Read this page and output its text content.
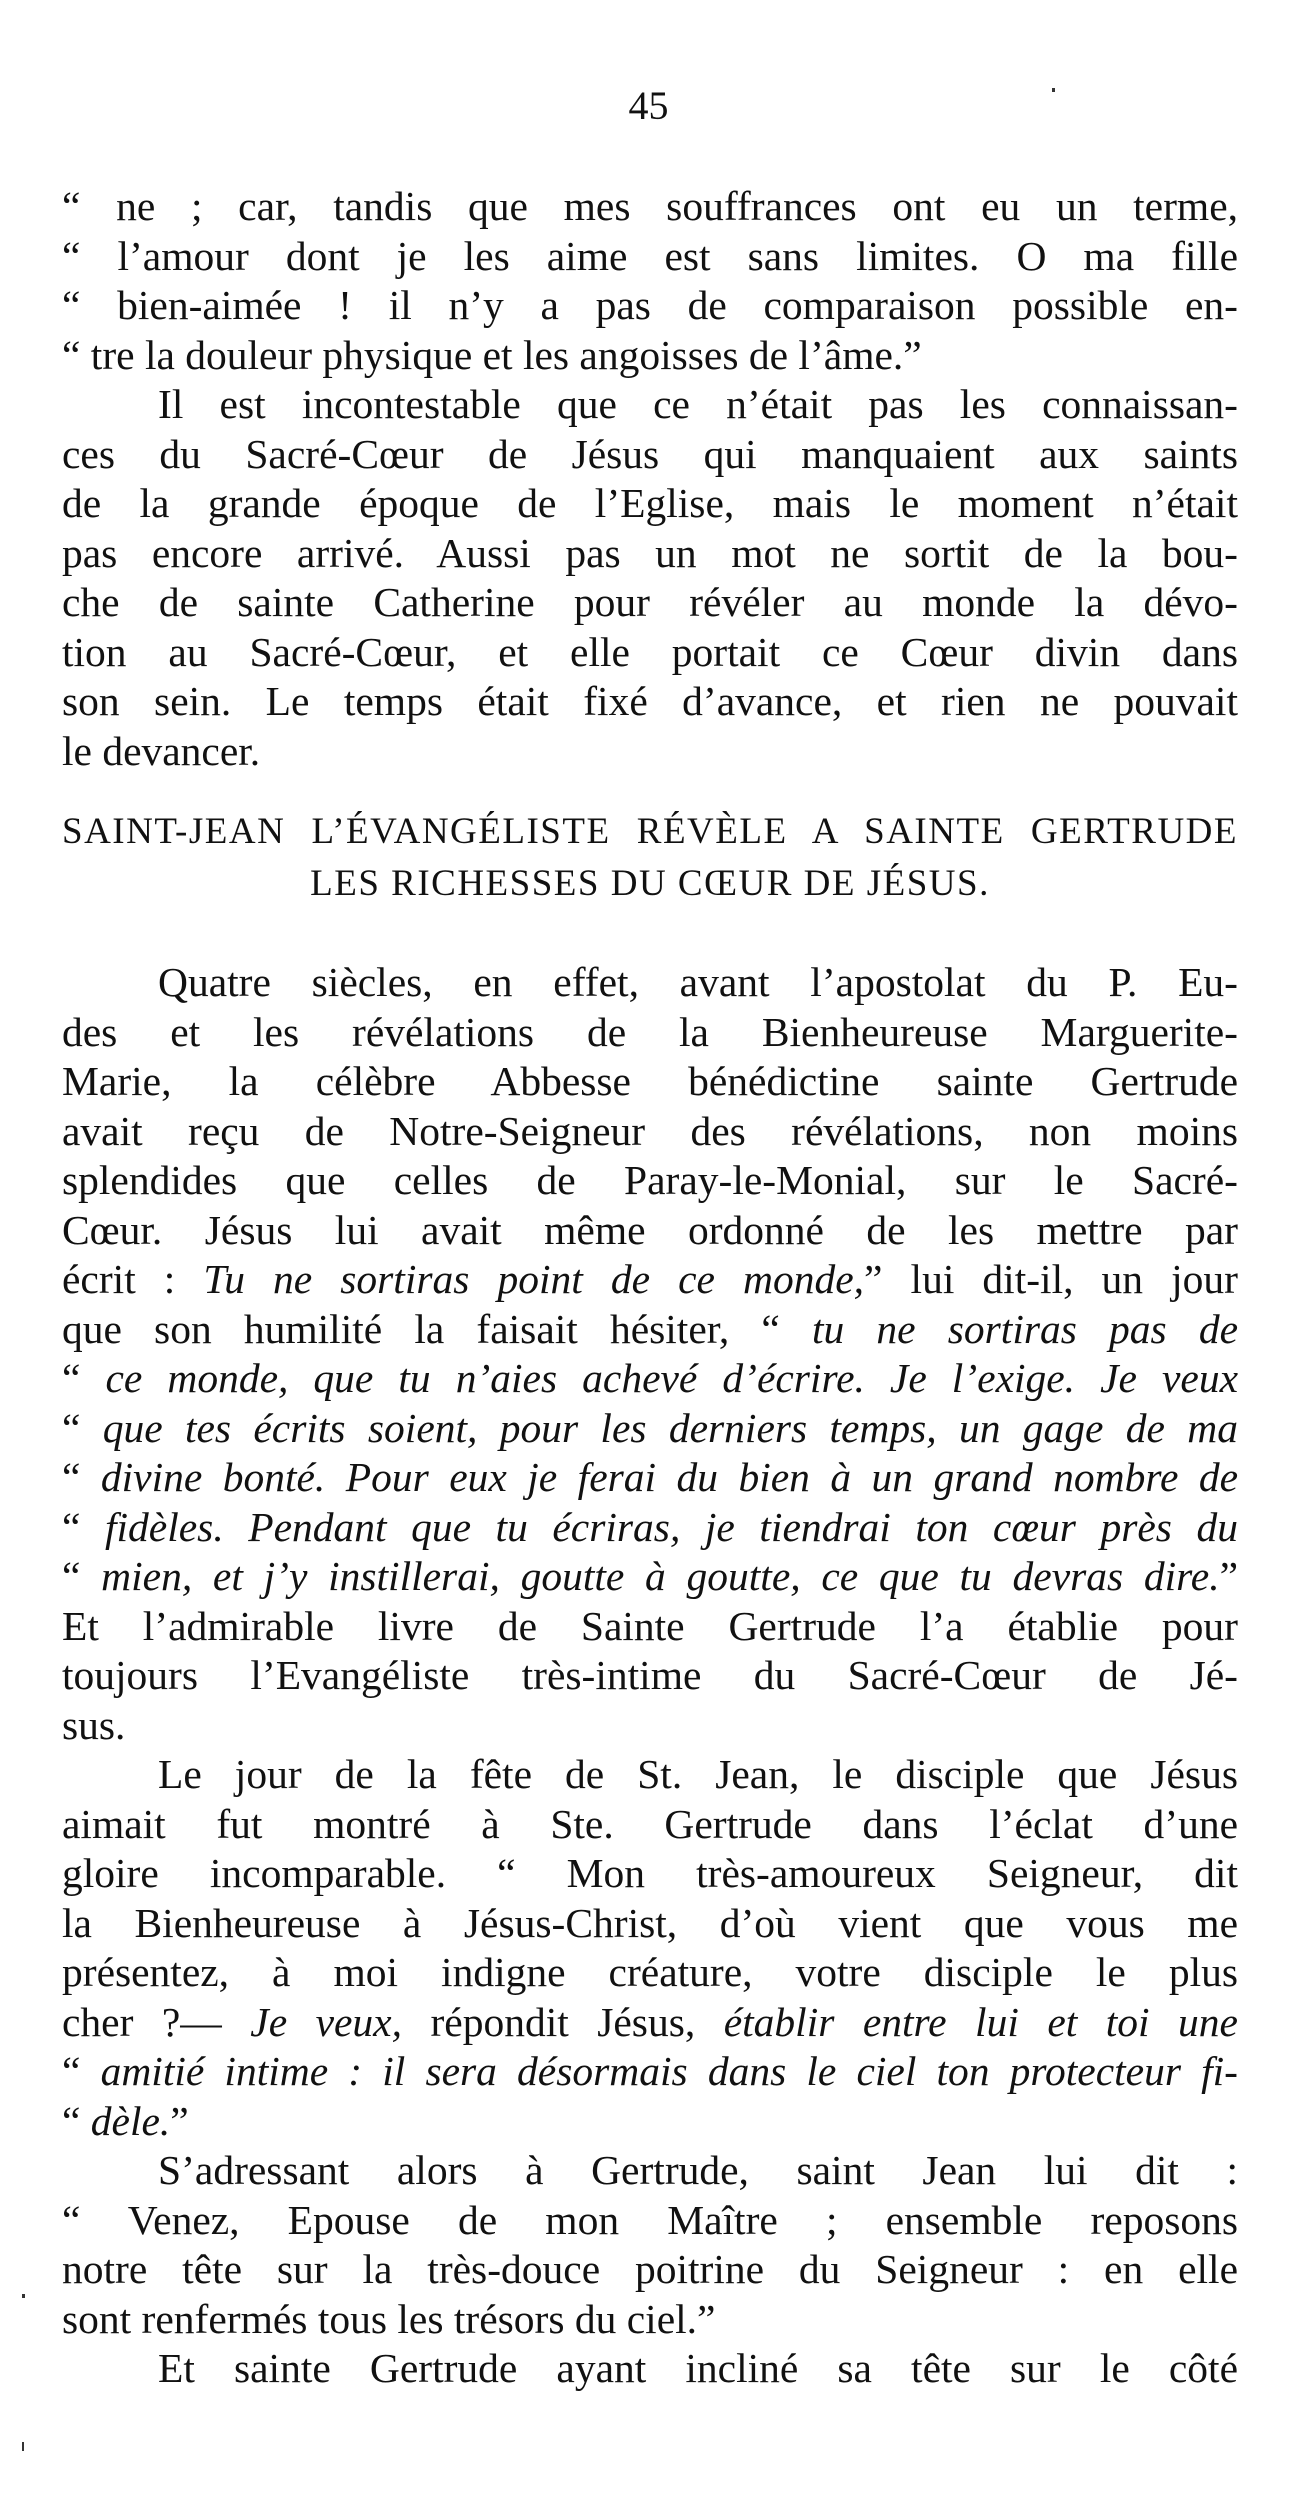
45
“ ne ; car, tandis que mes souffrances ont eu un terme,
“ l’amour dont je les aime est sans limites. O ma fille
“ bien-aimée ! il n’y a pas de comparaison possible en-
“ tre la douleur physique et les angoisses de l’âme.”
Il est incontestable que ce n’était pas les connaissan-
ces du Sacré-Cœur de Jésus qui manquaient aux saints
de la grande époque de l’Eglise, mais le moment n’était
pas encore arrivé. Aussi pas un mot ne sortit de la bou-
che de sainte Catherine pour révéler au monde la dévo-
tion au Sacré-Cœur, et elle portait ce Cœur divin dans
son sein. Le temps était fixé d’avance, et rien ne pouvait
le devancer.
SAINT-JEAN L’ÉVANGÉLISTE RÉVÈLE A SAINTE GERTRUDE
LES RICHESSES DU CŒUR DE JÉSUS.
Quatre siècles, en effet, avant l’apostolat du P. Eu-
des et les révélations de la Bienheureuse Marguerite-
Marie, la célèbre Abbesse bénédictine sainte Gertrude
avait reçu de Notre-Seigneur des révélations, non moins
splendides que celles de Paray-le-Monial, sur le Sacré-
Cœur. Jésus lui avait même ordonné de les mettre par
écrit : Tu ne sortiras point de ce monde,” lui dit-il, un jour
que son humilité la faisait hésiter, “ tu ne sortiras pas de
“ ce monde, que tu n’aies achevé d’écrire. Je l’exige. Je veux
“ que tes écrits soient, pour les derniers temps, un gage de ma
“ divine bonté. Pour eux je ferai du bien à un grand nombre de
“ fidèles. Pendant que tu écriras, je tiendrai ton cœur près du
“ mien, et j’y instillerai, goutte à goutte, ce que tu devras dire.”
Et l’admirable livre de Sainte Gertrude l’a établie pour
toujours l’Evangéliste très-intime du Sacré-Cœur de Jé-
sus.
Le jour de la fête de St. Jean, le disciple que Jésus
aimait fut montré à Ste. Gertrude dans l’éclat d’une
gloire incomparable. “ Mon très-amoureux Seigneur, dit
la Bienheureuse à Jésus-Christ, d’où vient que vous me
présentez, à moi indigne créature, votre disciple le plus
cher ?— Je veux, répondit Jésus, établir entre lui et toi une
“ amitié intime : il sera désormais dans le ciel ton protecteur fi-
“ dèle.”
S’adressant alors à Gertrude, saint Jean lui dit :
“ Venez, Epouse de mon Maître ; ensemble reposons
notre tête sur la très-douce poitrine du Seigneur : en elle
sont renfermés tous les trésors du ciel.”
Et sainte Gertrude ayant incliné sa tête sur le côté
